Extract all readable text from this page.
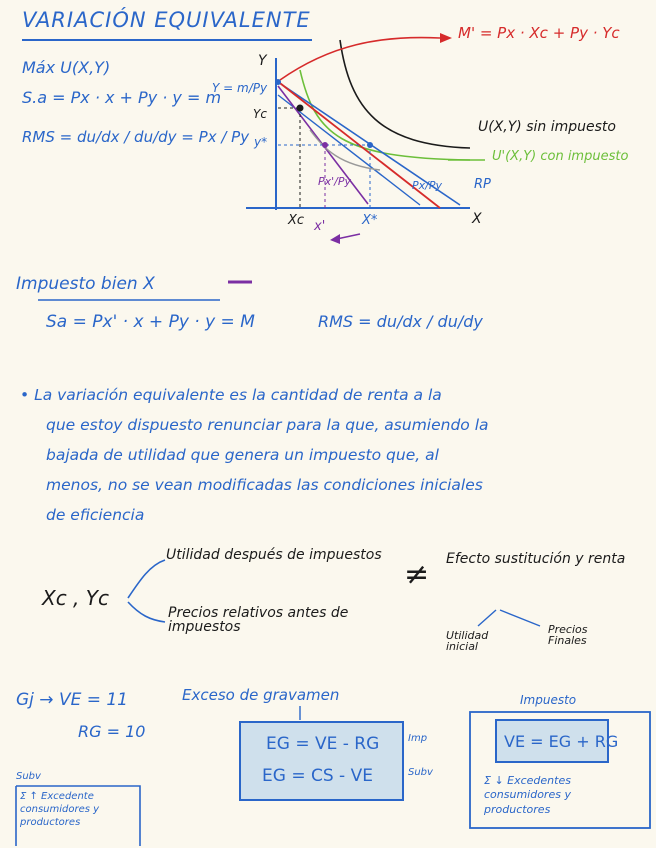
VARIACIÓN EQUIVALENTE
Máx U(X,Y)
S.a = Px · x + Py · y = m
RMS = du/dx / du/dy = Px / Py
Y
X
Y = m/Py
Yc
y*
Xc x'	X*
M' = Px · Xc + Py · Yc
U(X,Y) sin impuesto
U'(X,Y) con impuesto
RP
Px'/Py	Px/Py
Impuesto bien X
Sa = Px' · x + Py · y = M	RMS = du/dx / du/dy
• La variación equivalente es la cantidad de renta a la
que estoy dispuesto renunciar para la que, asumiendo la
bajada de utilidad que genera un impuesto que, al
menos, no se vean modificadas las condiciones iniciales
de eficiencia
Xc , Yc
Utilidad después de impuestos
Precios relativos antes de impuestos
≠ Efecto sustitución y renta
Utilidad inicial
Precios Finales
Gj → VE = 11
RG = 10
Exceso de gravamen
EG = VE - RG
EG = CS - VE
Imp
Subv
Impuesto
VE = EG + RG
Σ ↓ Excedentes consumidores y productores
Subv
Σ ↑ Excedente consumidores y productores
